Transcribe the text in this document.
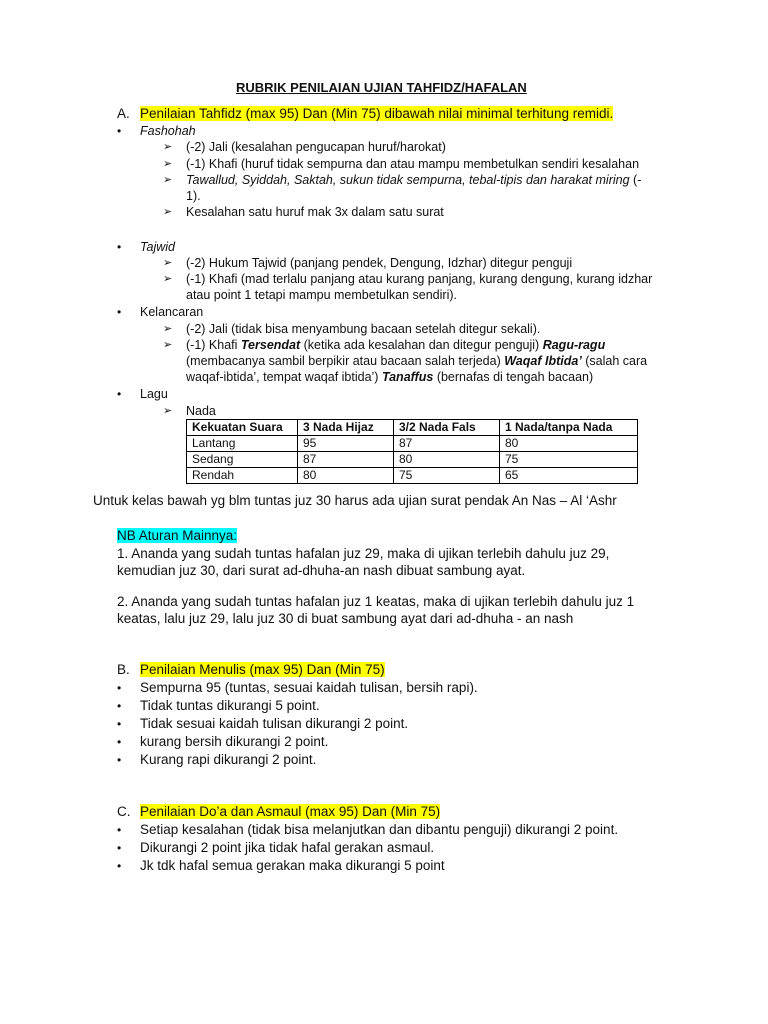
RUBRIK PENILAIAN UJIAN TAHFIDZ/HAFALAN
A. Penilaian Tahfidz (max 95) Dan (Min 75) dibawah nilai minimal terhitung remidi.
• Fashohah
➢ (-2) Jali (kesalahan pengucapan huruf/harokat)
➢ (-1) Khafi (huruf tidak sempurna dan atau mampu membetulkan sendiri kesalahan
➢ Tawallud, Syiddah, Saktah, sukun tidak sempurna, tebal-tipis dan harakat miring (-
1).
➢ Kesalahan satu huruf mak 3x dalam satu surat
• Tajwid
➢ (-2) Hukum Tajwid (panjang pendek, Dengung, Idzhar) ditegur penguji
➢ (-1) Khafi (mad terlalu panjang atau kurang panjang, kurang dengung, kurang idzhar
atau point 1 tetapi mampu membetulkan sendiri).
• Kelancaran
➢ (-2) Jali (tidak bisa menyambung bacaan setelah ditegur sekali).
➢ (-1) Khafi Tersendat (ketika ada kesalahan dan ditegur penguji) Ragu-ragu
(membacanya sambil berpikir atau bacaan salah terjeda) Waqaf Ibtida’ (salah cara
waqaf-ibtida’, tempat waqaf ibtida’) Tanaffus (bernafas di tengah bacaan)
• Lagu
➢ Nada
Kekuatan Suara	3 Nada Hijaz	3/2 Nada Fals	1 Nada/tanpa Nada
Lantang	95	87	80
Sedang	87	80	75
Rendah	80	75	65
Untuk kelas bawah yg blm tuntas juz 30 harus ada ujian surat pendak An Nas – Al ‘Ashr
NB Aturan Mainnya:
1. Ananda yang sudah tuntas hafalan juz 29, maka di ujikan terlebih dahulu juz 29,
kemudian juz 30, dari surat ad-dhuha-an nash dibuat sambung ayat.
2. Ananda yang sudah tuntas hafalan juz 1 keatas, maka di ujikan terlebih dahulu juz 1
keatas, lalu juz 29, lalu juz 30 di buat sambung ayat dari ad-dhuha - an nash
B. Penilaian Menulis (max 95) Dan (Min 75)
• Sempurna 95 (tuntas, sesuai kaidah tulisan, bersih rapi).
• Tidak tuntas dikurangi 5 point.
• Tidak sesuai kaidah tulisan dikurangi 2 point.
• kurang bersih dikurangi 2 point.
• Kurang rapi dikurangi 2 point.
C. Penilaian Do’a dan Asmaul (max 95) Dan (Min 75)
• Setiap kesalahan (tidak bisa melanjutkan dan dibantu penguji) dikurangi 2 point.
• Dikurangi 2 point jika tidak hafal gerakan asmaul.
• Jk tdk hafal semua gerakan maka dikurangi 5 point
